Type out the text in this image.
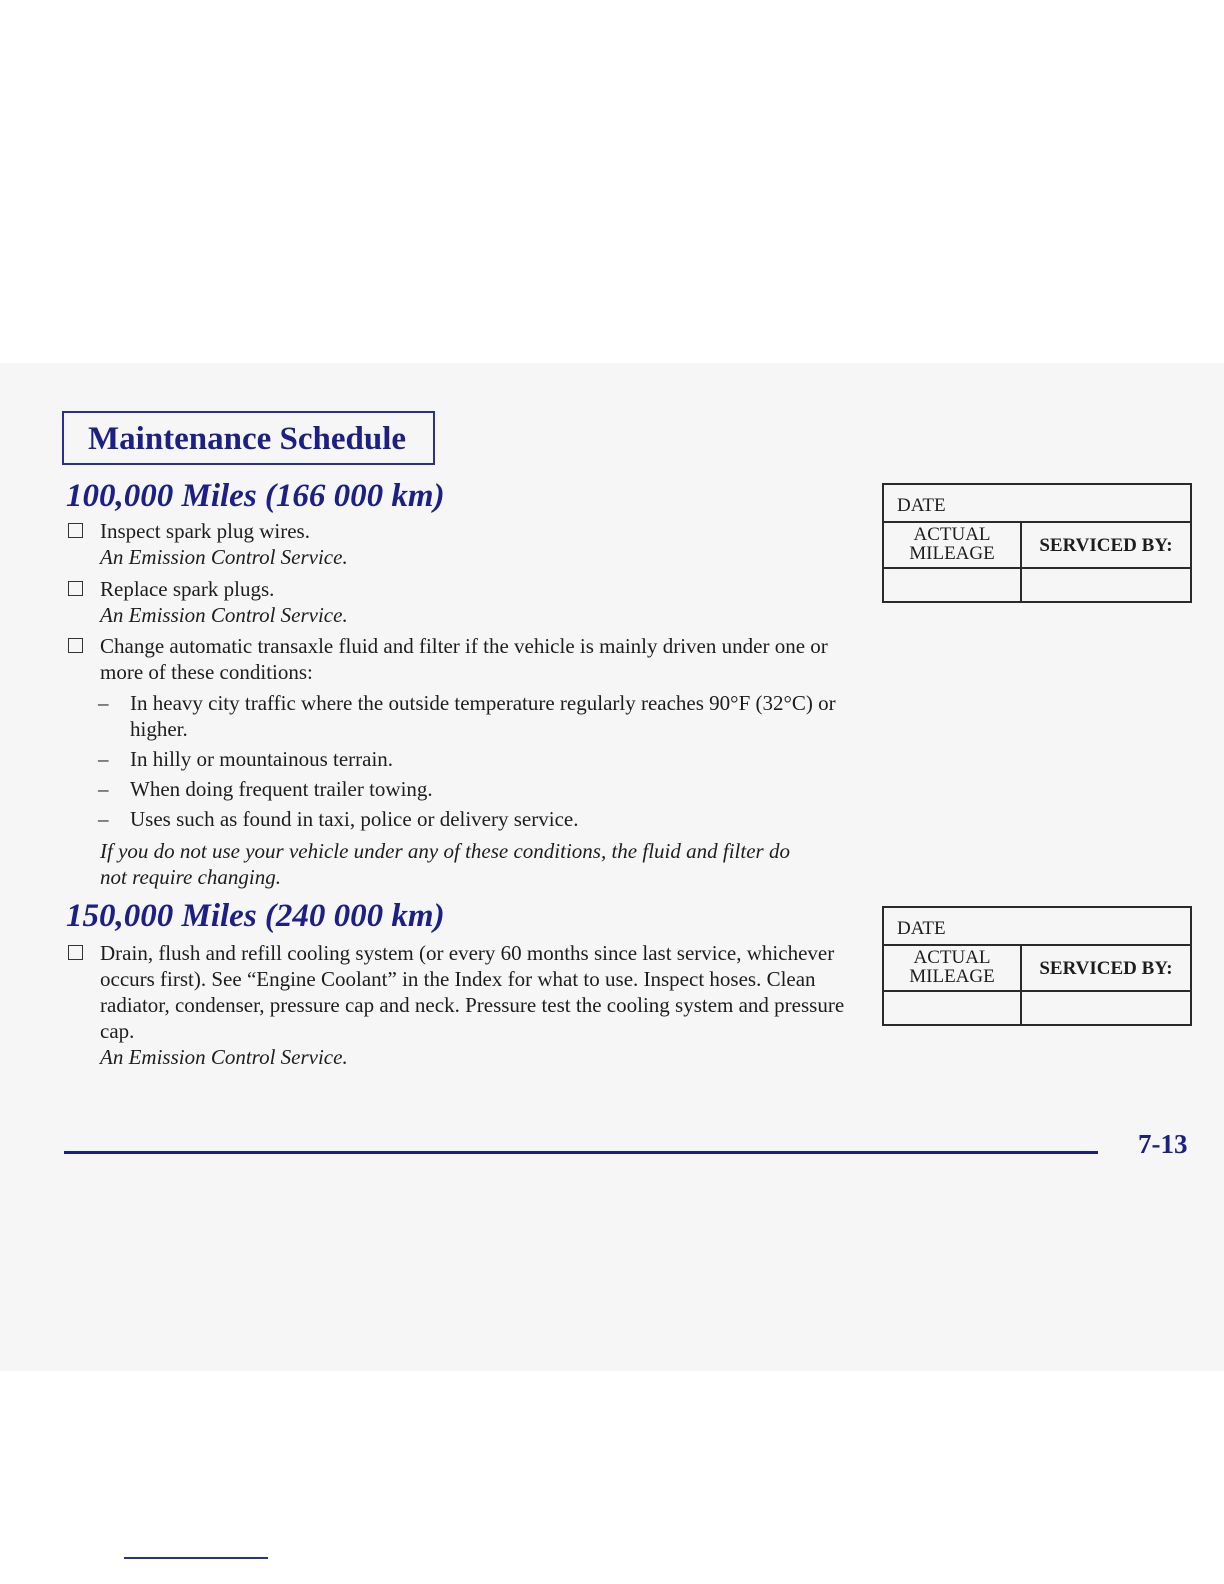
Maintenance Schedule
100,000 Miles (166 000 km)
Inspect spark plug wires.
An Emission Control Service.
Replace spark plugs.
An Emission Control Service.
Change automatic transaxle fluid and filter if the vehicle is mainly driven under one or more of these conditions:
– In heavy city traffic where the outside temperature regularly reaches 90°F (32°C) or higher.
– In hilly or mountainous terrain.
– When doing frequent trailer towing.
– Uses such as found in taxi, police or delivery service.
If you do not use your vehicle under any of these conditions, the fluid and filter do not require changing.
150,000 Miles (240 000 km)
Drain, flush and refill cooling system (or every 60 months since last service, whichever occurs first). See “Engine Coolant” in the Index for what to use. Inspect hoses. Clean radiator, condenser, pressure cap and neck. Pressure test the cooling system and pressure cap.
An Emission Control Service.
DATE
ACTUAL
MILEAGE	SERVICED BY:
DATE
ACTUAL
MILEAGE	SERVICED BY:
7-13
